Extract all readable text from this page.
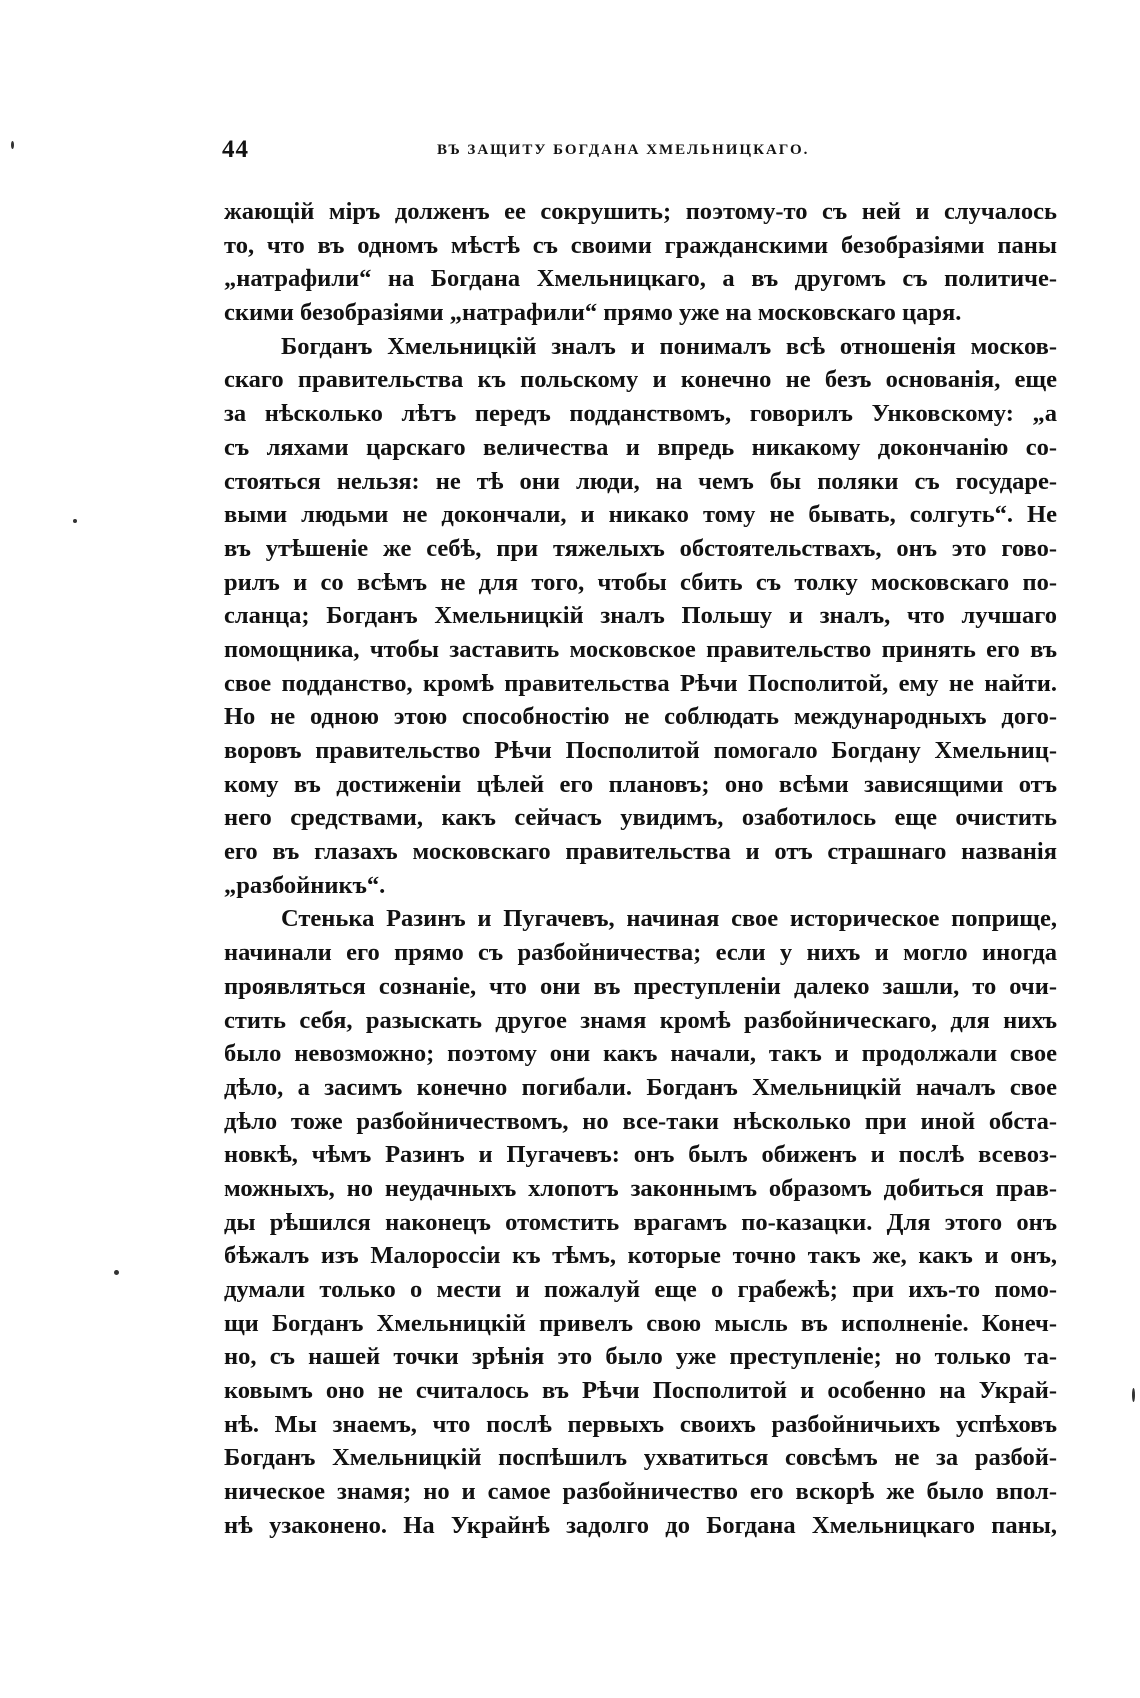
44	ВЪ ЗАЩИТУ БОГДАНА ХМЕЛЬНИЦКАГО.
жающій міръ долженъ ее сокрушить; поэтому-то съ ней и случалось
то, что въ одномъ мѣстѣ съ своими гражданскими безобразіями паны
„натрафили“ на Богдана Хмельницкаго, а въ другомъ съ политиче-
скими безобразіями „натрафили“ прямо уже на московскаго царя.
Богданъ Хмельницкій зналъ и понималъ всѣ отношенія москов-
скаго правительства къ польскому и конечно не безъ основанія, еще
за нѣсколько лѣтъ передъ подданствомъ, говорилъ Унковскому: „а
съ ляхами царскаго величества и впредь никакому докончанію со-
стояться нельзя: не тѣ они люди, на чемъ бы поляки съ государе-
выми людьми не докончали, и никако тому не бывать, солгуть“. Не
въ утѣшеніе же себѣ, при тяжелыхъ обстоятельствахъ, онъ это гово-
рилъ и со всѣмъ не для того, чтобы сбить съ толку московскаго по-
сланца; Богданъ Хмельницкій зналъ Польшу и зналъ, что лучшаго
помощника, чтобы заставить московское правительство принять его въ
свое подданство, кромѣ правительства Рѣчи Посполитой, ему не найти.
Но не одною этою способностію не соблюдать международныхъ дого-
воровъ правительство Рѣчи Посполитой помогало Богдану Хмельниц-
кому въ достиженіи цѣлей его плановъ; оно всѣми зависящими отъ
него средствами, какъ сейчасъ увидимъ, озаботилось еще очистить
его въ глазахъ московскаго правительства и отъ страшнаго названія
„разбойникъ“.
Стенька Разинъ и Пугачевъ, начиная свое историческое поприще,
начинали его прямо съ разбойничества; если у нихъ и могло иногда
проявляться сознаніе, что они въ преступленіи далеко зашли, то очи-
стить себя, разыскать другое знамя кромѣ разбойническаго, для нихъ
было невозможно; поэтому они какъ начали, такъ и продолжали свое
дѣло, а засимъ конечно погибали. Богданъ Хмельницкій началъ свое
дѣло тоже разбойничествомъ, но все-таки нѣсколько при иной обста-
новкѣ, чѣмъ Разинъ и Пугачевъ: онъ былъ обиженъ и послѣ всевоз-
можныхъ, но неудачныхъ хлопотъ законнымъ образомъ добиться прав-
ды рѣшился наконецъ отомстить врагамъ по-казацки. Для этого онъ
бѣжалъ изъ Малороссіи къ тѣмъ, которые точно такъ же, какъ и онъ,
думали только о мести и пожалуй еще о грабежѣ; при ихъ-то помо-
щи Богданъ Хмельницкій привелъ свою мысль въ исполненіе. Конеч-
но, съ нашей точки зрѣнія это было уже преступленіе; но только та-
ковымъ оно не считалось въ Рѣчи Посполитой и особенно на Украй-
нѣ. Мы знаемъ, что послѣ первыхъ своихъ разбойничьихъ успѣховъ
Богданъ Хмельницкій поспѣшилъ ухватиться совсѣмъ не за разбой-
ническое знамя; но и самое разбойничество его вскорѣ же было впол-
нѣ узаконено. На Украйнѣ задолго до Богдана Хмельницкаго паны,
